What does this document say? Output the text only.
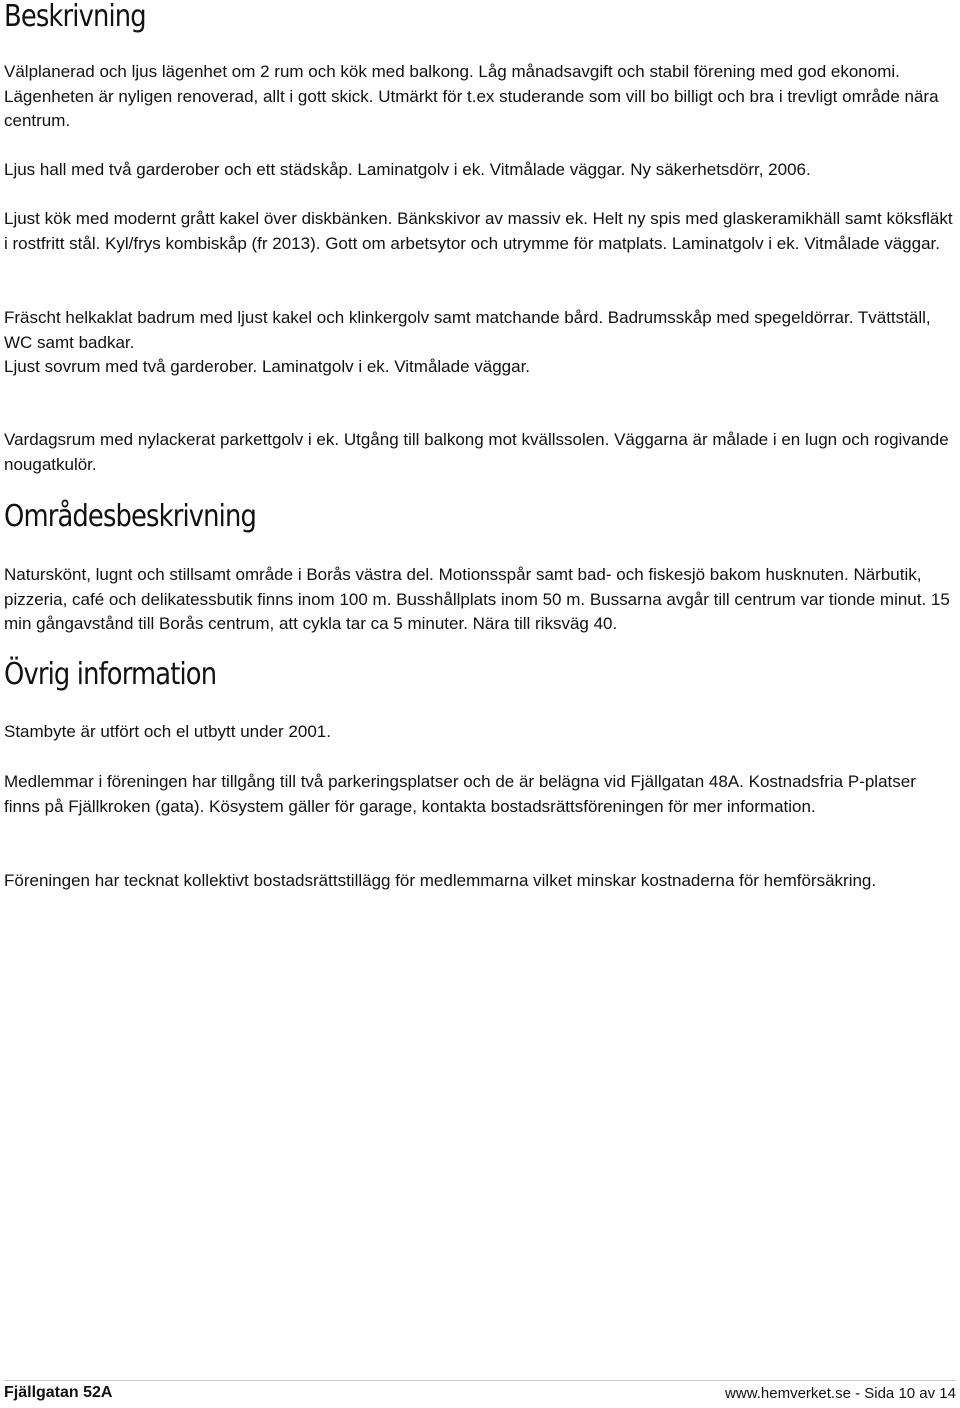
Beskrivning

Välplanerad och ljus lägenhet om 2 rum och kök med balkong. Låg månadsavgift och stabil förening med god ekonomi. Lägenheten är nyligen renoverad, allt i gott skick. Utmärkt för t.ex studerande som vill bo billigt och bra i trevligt område nära centrum.

Ljus hall med två garderober och ett städskåp. Laminatgolv i ek. Vitmålade väggar. Ny säkerhetsdörr, 2006.

Ljust kök med modernt grått kakel över diskbänken. Bänkskivor av massiv ek. Helt ny spis med glaskeramikhäll samt köksfläkt i rostfritt stål. Kyl/frys kombiskåp (fr 2013). Gott om arbetsytor och utrymme för matplats. Laminatgolv i ek. Vitmålade väggar.

Fräscht helkaklat badrum med ljust kakel och klinkergolv samt matchande bård. Badrumsskåp med spegeldörrar. Tvättställ, WC samt badkar.

Ljust sovrum med två garderober. Laminatgolv i ek. Vitmålade väggar.

Vardagsrum med nylackerat parkettgolv i ek. Utgång till balkong mot kvällssolen. Väggarna är målade i en lugn och rogivande nougatkulör.

Områdesbeskrivning

Naturskönt, lugnt och stillsamt område i Borås västra del. Motionsspår samt bad- och fiskesjö bakom husknuten. Närbutik, pizzeria, café och delikatessbutik finns inom 100 m. Busshållplats inom 50 m. Bussarna avgår till centrum var tionde minut. 15 min gångavstånd till Borås centrum, att cykla tar ca 5 minuter. Nära till riksväg 40.

Övrig information

Stambyte är utfört och el utbytt under 2001.

Medlemmar i föreningen har tillgång till två parkeringsplatser och de är belägna vid Fjällgatan 48A. Kostnadsfria P-platser finns på Fjällkroken (gata). Kösystem gäller för garage, kontakta bostadsrättsföreningen för mer information.

Föreningen har tecknat kollektivt bostadsrättstillägg för medlemmarna vilket minskar kostnaderna för hemförsäkring.

Fjällgatan 52A	www.hemverket.se - Sida 10 av 14
